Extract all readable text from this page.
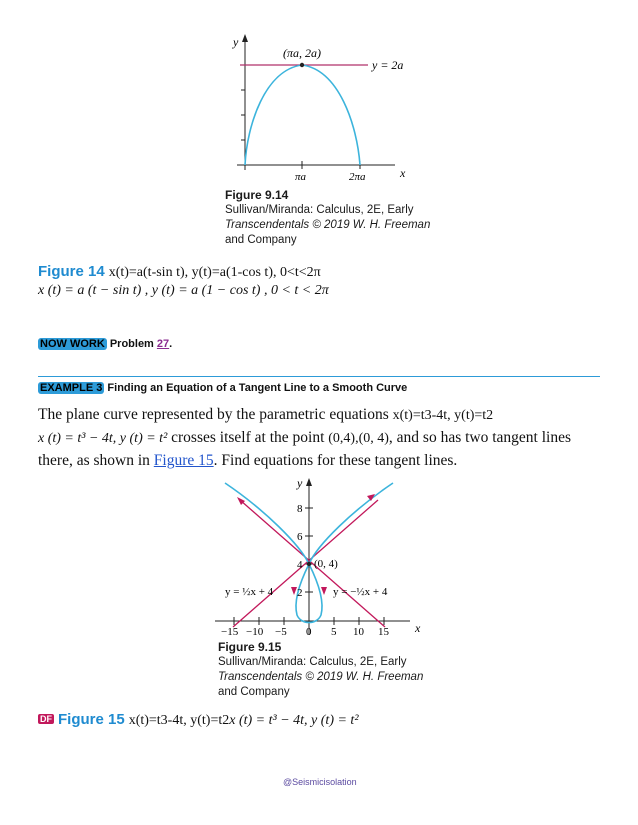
y
x
(πa, 2a)
y = 2a
πa	2πa
Figure 9.14
Sullivan/Miranda: Calculus, 2E, Early
Transcendentals © 2019 W. H. Freeman
and Company
Figure 14 x(t)=a(t-sin t), y(t)=a(1-cos t), 0<t<2π
x (t) = a (t − sin t) , y (t) = a (1 − cos t) , 0 < t < 2π
NOW WORK Problem 27.
EXAMPLE 3 Finding an Equation of a Tangent Line to a Smooth Curve
The plane curve represented by the parametric equations x(t)=t3-4t, y(t)=t2
x (t) = t³ − 4t, y (t) = t² crosses itself at the point (0,4),(0, 4), and so has two tangent lines
there, as shown in Figure 15. Find equations for these tangent lines.
y
x
8
6
4
2
−15 −10 −5 0 5 10 15
(0, 4)
y = ½x + 4	y = −½x + 4
Figure 9.15
Sullivan/Miranda: Calculus, 2E, Early
Transcendentals © 2019 W. H. Freeman
and Company
DF Figure 15 x(t)=t3-4t, y(t)=t2x (t) = t³ − 4t, y (t) = t²
@Seismicisolation
